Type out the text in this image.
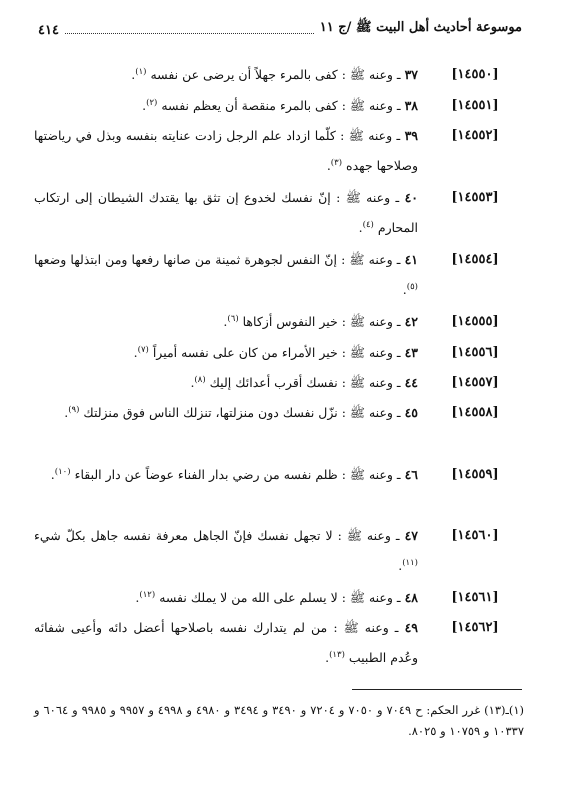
موسوعة أحاديث أهل البيت ﷺ /ج ١١
٤١٤
[١٤٥٥٠]
٣٧ ـ وعنه ﷺ : كفى بالمرء جهلاً أن يرضى عن نفسه $^{(١)}$.
[١٤٥٥١]
٣٨ ـ وعنه ﷺ : كفى بالمرء منقصة أن يعظم نفسه $^{(٢)}$.
[١٤٥٥٢]
٣٩ ـ وعنه ﷺ : كلّما ازداد علم الرجل زادت عنايته بنفسه وبذل في رياضتها وصلاحها جهده $^{(٣)}$.
[١٤٥٥٣]
٤٠ ـ وعنه ﷺ : إنّ نفسك لخدوع إن تثق بها يقتدك الشيطان إلى ارتكاب المحارم $^{(٤)}$.
[١٤٥٥٤]
٤١ ـ وعنه ﷺ : إنّ النفس لجوهرة ثمينة من صانها رفعها ومن ابتذلها وضعها $^{(٥)}$.
[١٤٥٥٥]
٤٢ ـ وعنه ﷺ : خير النفوس أزكاها $^{(٦)}$.
[١٤٥٥٦]
٤٣ ـ وعنه ﷺ : خير الأمراء من كان على نفسه أميراً $^{(٧)}$.
[١٤٥٥٧]
٤٤ ـ وعنه ﷺ : نفسك أقرب أعدائك إليك $^{(٨)}$.
[١٤٥٥٨]
٤٥ ـ وعنه ﷺ : نزّل نفسك دون منزلتها، تنزلك الناس فوق منزلتك $^{(٩)}$.
[١٤٥٥٩]
٤٦ ـ وعنه ﷺ : ظلم نفسه من رضي بدار الفناء عوضاً عن دار البقاء $^{(١٠)}$.
[١٤٥٦٠]
٤٧ ـ وعنه ﷺ : لا تجهل نفسك فإنّ الجاهل معرفة نفسه جاهل بكلّ شيء $^{(١١)}$.
[١٤٥٦١]
٤٨ ـ وعنه ﷺ : لا يسلم على الله من لا يملك نفسه $^{(١٢)}$.
[١٤٥٦٢]
٤٩ ـ وعنه ﷺ : من لم يتدارك نفسه باصلاحها أعضل دائه وأعيى شفائه وعُدم الطبيب $^{(١٣)}$.
(١)ـ(١٣) غرر الحكم: ح ٧٠٤٩ و ٧٠٥٠ و ٧٢٠٤ و ٣٤٩٠ و ٣٤٩٤ و ٤٩٨٠ و ٤٩٩٨ و ٩٩٥٧ و ٩٩٨٥ و ٦٠٦٤ و ١٠٣٣٧ و ١٠٧٥٩ و ٨٠٢٥.
